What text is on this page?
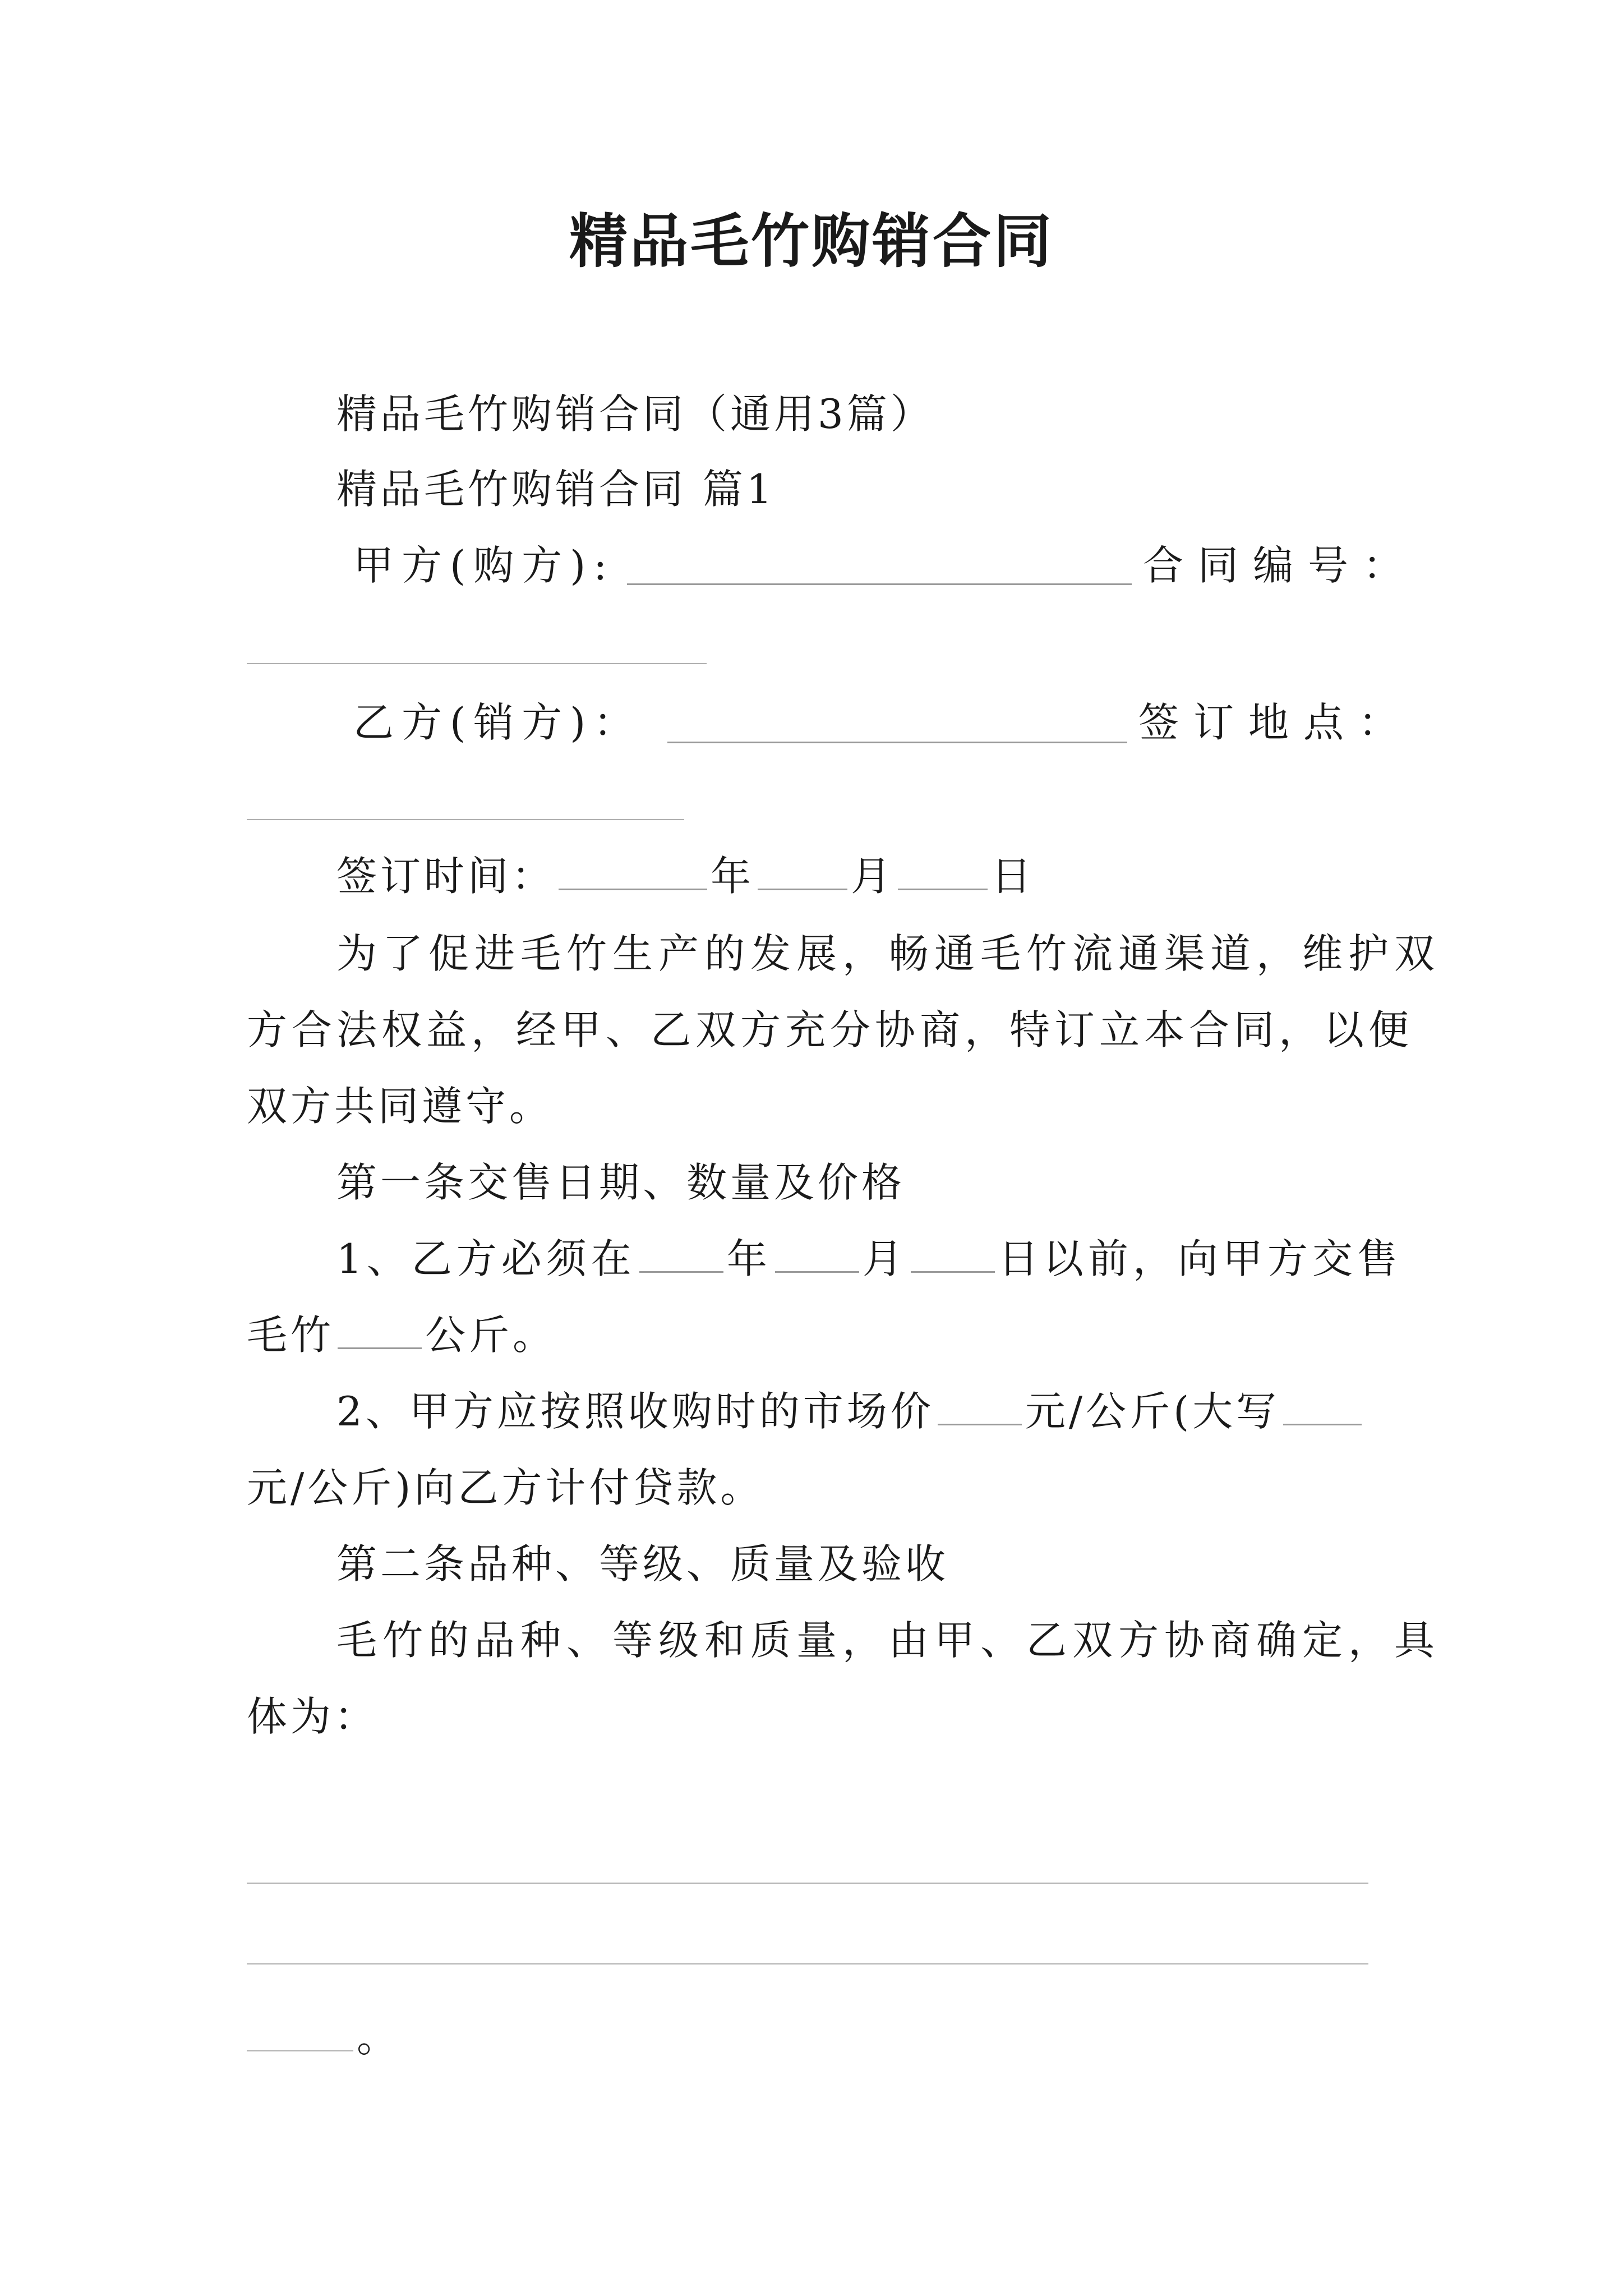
精品毛竹购销合同
精品毛竹购销合同（通用3篇）
精品毛竹购销合同 篇1
甲方(购方):	合同编号：
乙方(销方)：	签订地点：
签订时间：	年 月 日
为了促进毛竹生产的发展，畅通毛竹流通渠道，维护双
方合法权益，经甲、乙双方充分协商，特订立本合同，以便
双方共同遵守。
第一条交售日期、数量及价格
1、乙方必须在 年 月 日以前，向甲方交售
毛竹 公斤。
2、甲方应按照收购时的市场价 元/公斤(大写
元/公斤)向乙方计付贷款。
第二条品种、等级、质量及验收
毛竹的品种、等级和质量，由甲、乙双方协商确定，具
体为：
。
